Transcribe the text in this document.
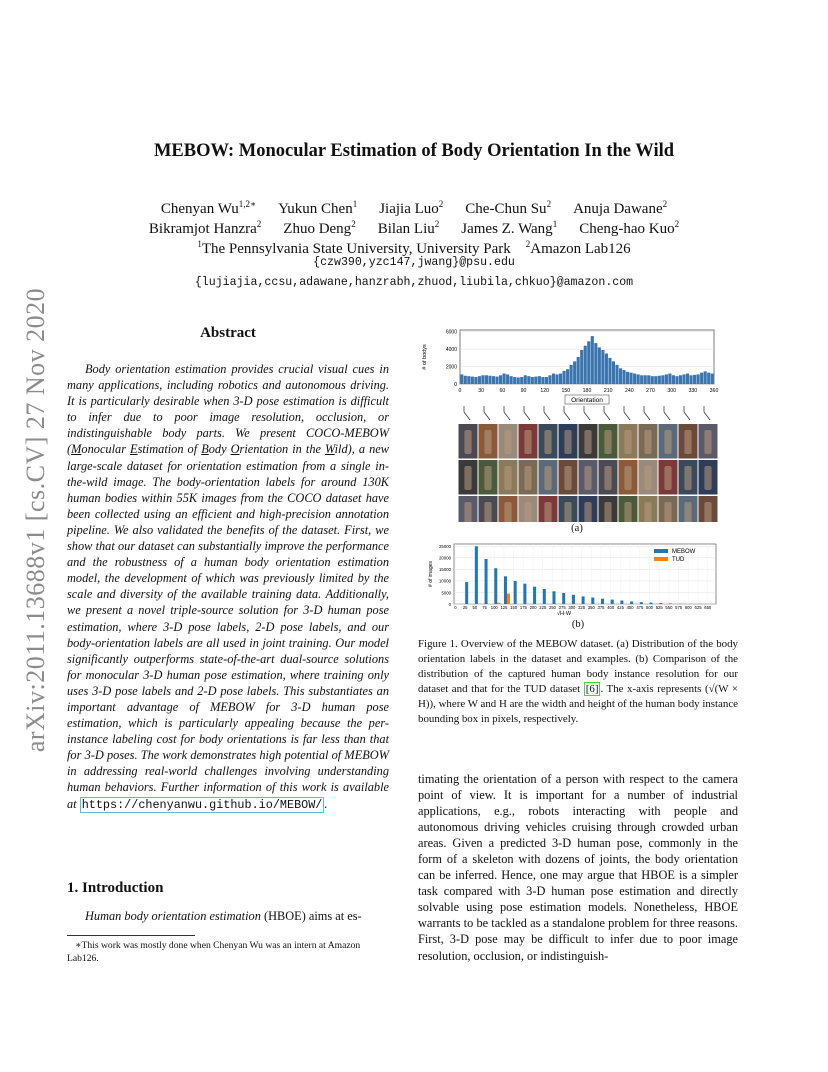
arXiv:2011.13688v1 [cs.CV] 27 Nov 2020
MEBOW: Monocular Estimation of Body Orientation In the Wild
Chenyan $Wu^{1,2∗}$ Yukun Chen$^1$ Jiajia Luo$^2$ Che-Chun Su$^2$ Anuja Dawane$^2$
Bikramjot Hanzra$^2$ Zhuo Deng$^2$ Bilan Liu$^2$ James Z. Wang$^1$ Cheng-hao Kuo$^2$
$^1$The Pennsylvania State University, University Park $^2$Amazon Lab126
{czw390,yzc147,jwang}@psu.edu
{lujiajia,ccsu,adawane,hanzrabh,zhuod,liubila,chkuo}@amazon.com
Abstract
Body orientation estimation provides crucial visual cues in many applications, including robotics and autonomous driving. It is particularly desirable when 3-D pose estimation is difficult to infer due to poor image resolution, occlusion, or indistinguishable body parts. We present COCO-MEBOW (Monocular Estimation of Body Orientation in the Wild), a new large-scale dataset for orientation estimation from a single in-the-wild image. The body-orientation labels for around 130K human bodies within 55K images from the COCO dataset have been collected using an efficient and high-precision annotation pipeline. We also validated the benefits of the dataset. First, we show that our dataset can substantially improve the performance and the robustness of a human body orientation estimation model, the development of which was previously limited by the scale and diversity of the available training data. Additionally, we present a novel triple-source solution for 3-D human pose estimation, where 3-D pose labels, 2-D pose labels, and our body-orientation labels are all used in joint training. Our model significantly outperforms state-of-the-art dual-source solutions for monocular 3-D human pose estimation, where training only uses 3-D pose labels and 2-D pose labels. This substantiates an important advantage of MEBOW for 3-D human pose estimation, which is particularly appealing because the per-instance labeling cost for body orientations is far less than that for 3-D poses. The work demonstrates high potential of MEBOW in addressing real-world challenges involving understanding human behaviors. Further information of this work is available at https://chenyanwu.github.io/MEBOW/ .
1. Introduction
Human body orientation estimation (HBOE) aims at es-
∗This work was mostly done when Chenyan Wu was an intern at Amazon Lab126.
0
2000
4000
6000
0	30	60	90	120 150 180 210 240 270 300 330 360
Orientation
# of bodys
(a)
0
5000
10000
15000
20000
25000
0 25 50 75 100 125 150 175 200 225 250 275 300 325 350 375 400 425 450 475 500 525 550 575 600 625 650
√H·W
# of images
MEBOW
TUD
(b)
Figure 1. Overview of the MEBOW dataset. (a) Distribution of the body orientation labels in the dataset and examples. (b) Comparison of the distribution of the captured human body instance resolution for our dataset and that for the TUD dataset [6] . The x-axis represents (√(W × H)), where W and H are the width and height of the human body instance bounding box in pixels, respectively.
timating the orientation of a person with respect to the camera point of view. It is important for a number of industrial applications, e.g., robots interacting with people and autonomous driving vehicles cruising through crowded urban areas. Given a predicted 3-D human pose, commonly in the form of a skeleton with dozens of joints, the body orientation can be inferred. Hence, one may argue that HBOE is a simpler task compared with 3-D human pose estimation and directly solvable using pose estimation models. Nonetheless, HBOE warrants to be tackled as a standalone problem for three reasons. First, 3-D pose may be difficult to infer due to poor image resolution, occlusion, or indistinguish-
